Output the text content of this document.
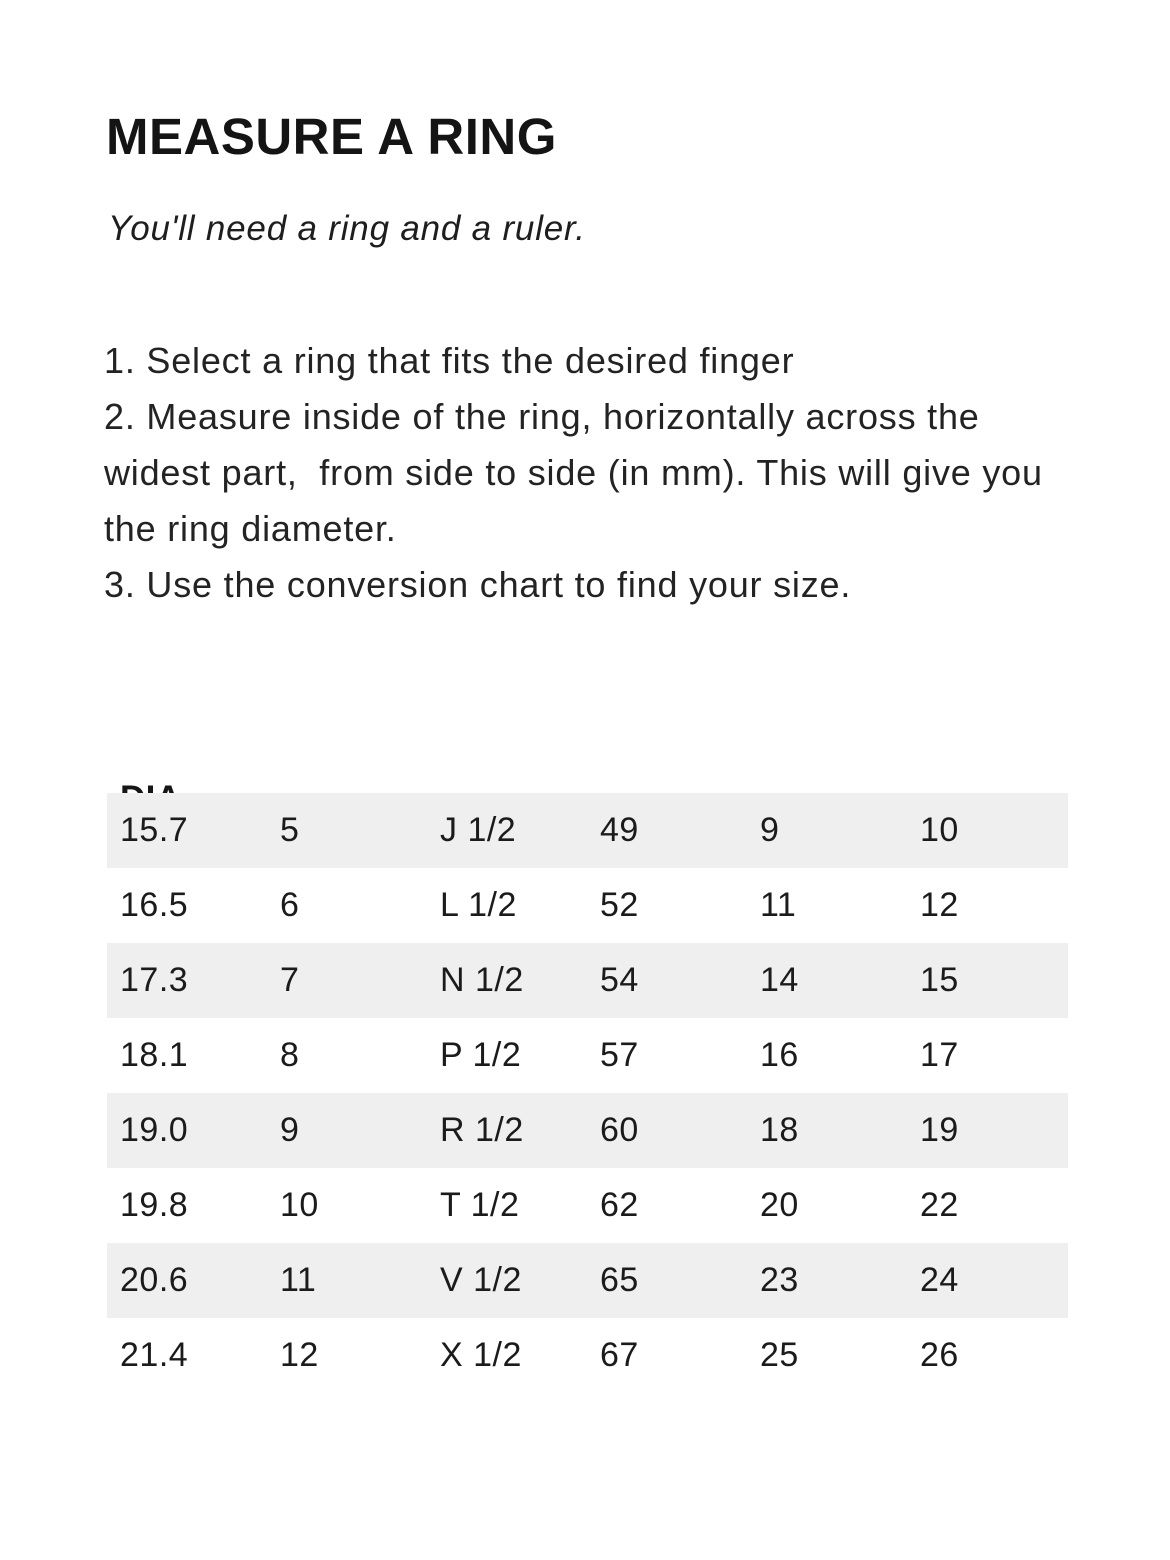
MEASURE A RING

You'll need a ring and a ruler.

1. Select a ring that fits the desired finger
2. Measure inside of the ring, horizontally across the
widest part,  from side to side (in mm). This will give you
the ring diameter.
3. Use the conversion chart to find your size.

15.7	5	J 1/2	49	9	10
16.5	6	L 1/2	52	11	12
17.3	7	N 1/2	54	14	15
18.1	8	P 1/2	57	16	17
19.0	9	R 1/2	60	18	19
19.8	10	T 1/2	62	20	22
20.6	11	V 1/2	65	23	24
21.4	12	X 1/2	67	25	26
